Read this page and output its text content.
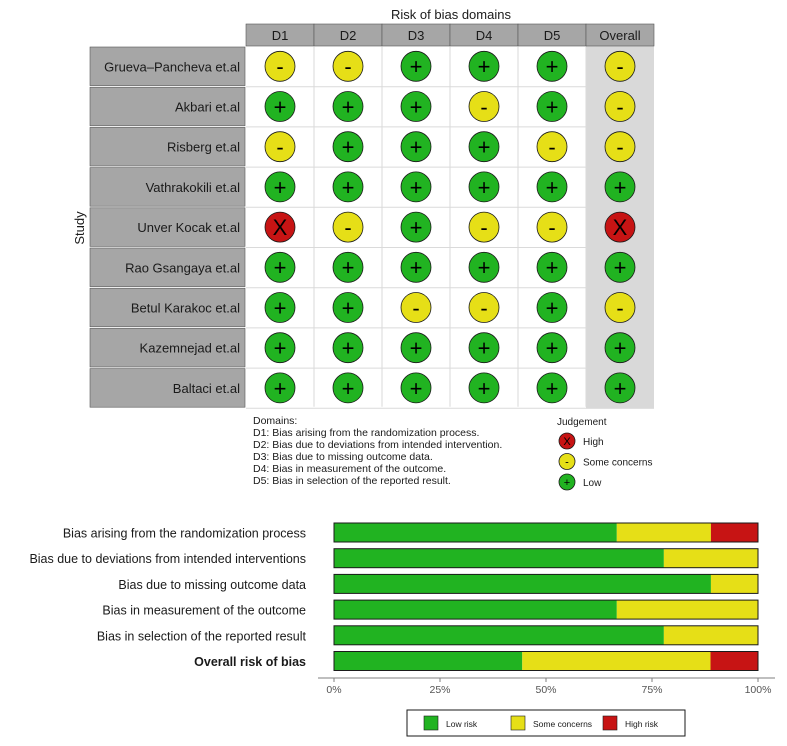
Risk of bias domains
Study
D1	D2	D3	D4	D5	Overall
Grueva–Pancheva et.al -	-	+	+	+	-
Akbari et.al +	+	+	-	+	-
Risberg et.al -	+	+	+	-	-
Vathrakokili et.al +	+	+	+	+	+
Unver Kocak et.al X	-	+	-	-	X
Rao Gsangaya et.al +	+	+	+	+	+
Betul Karakoc et.al +	+	-	-	+	-
Kazemnejad et.al +	+	+	+	+	+
Baltaci et.al +	+	+	+	+	+
Domains:
D1: Bias arising from the randomization process.
D2: Bias due to deviations from intended intervention.
D3: Bias due to missing outcome data.
D4: Bias in measurement of the outcome.
D5: Bias in selection of the reported result.
Judgement
X High
- Some concerns
+ Low
Bias arising from the randomization process
Bias due to deviations from intended interventions
Bias due to missing outcome data
Bias in measurement of the outcome
Bias in selection of the reported result
Overall risk of bias
0%	25%	50%	75%	100%
Low risk	Some concerns	High risk
